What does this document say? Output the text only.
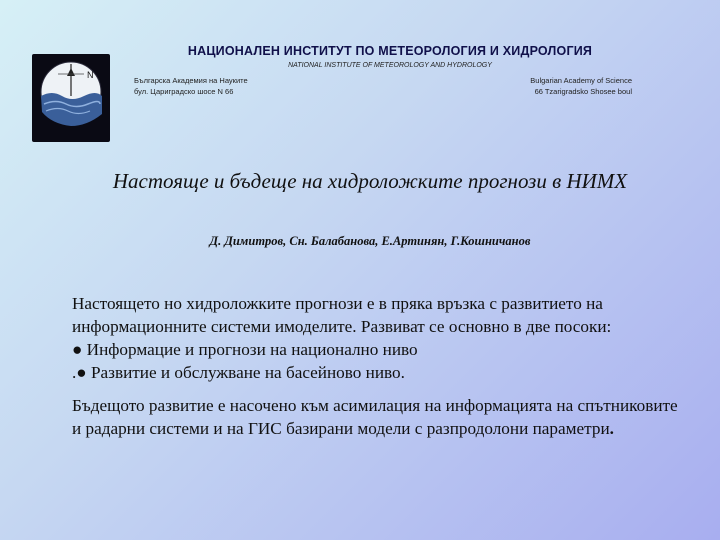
N
НАЦИОНАЛЕН ИНСТИТУТ ПО МЕТЕОРОЛОГИЯ И ХИДРОЛОГИЯ
NATIONAL INSTITUTE OF METEOROLOGY AND HYDROLOGY
Българска Академия на Науките
бул. Цариградско шосе N 66
Bulgarian Academy of Science
66 Tzarigradsko Shosee boul
Настояще и бъдеще на хидроложките прогнози в НИМХ
Д. Димитров, Сн. Балабанова, Е.Артинян, Г.Кошничанов

Настоящето но хидроложките прогнози е в пряка връзка с развитието на информационните системи имоделите. Развиват се основно в две посоки:

● Информацие и прогнози на национално ниво

.● Развитие и обслужване на басейново ниво.

Бъдещото развитие е насочено към асимилация на информацията на спътниковите и радарни системи и на ГИС базирани модели с разпродолони параметри.
